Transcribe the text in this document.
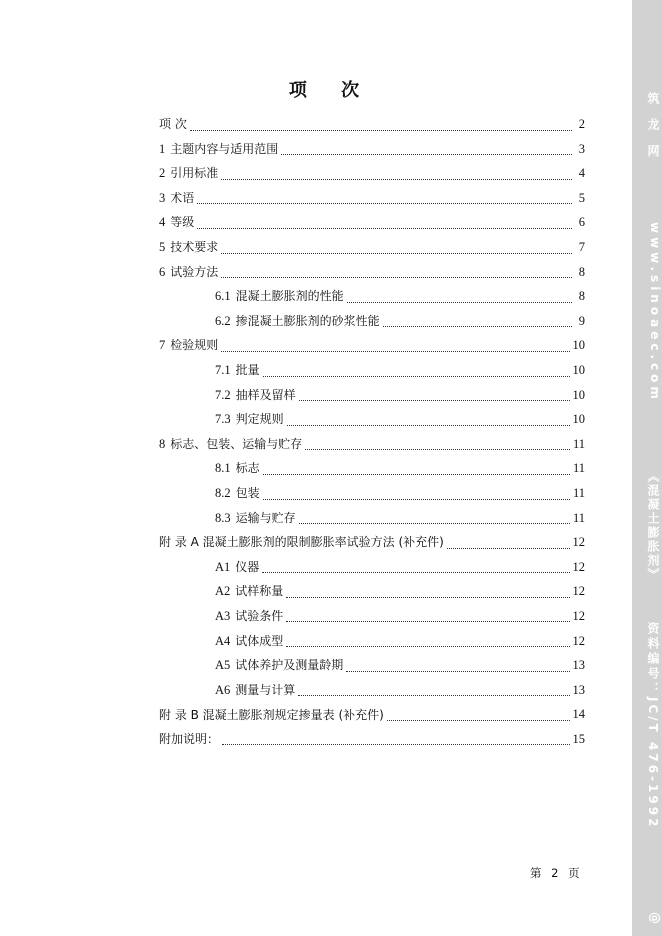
项 次
项 次	2
1 主题内容与适用范围	3
2 引用标准	4
3 术语	5
4 等级	6
5 技术要求	7
6 试验方法	8
6.1 混凝土膨胀剂的性能	8
6.2 掺混凝土膨胀剂的砂浆性能	9
7 检验规则	10
7.1 批量	10
7.2 抽样及留样	10
7.3 判定规则	10
8 标志、包装、运输与贮存	11
8.1 标志	11
8.2 包装	11
8.3 运输与贮存	11
附 录 A 混凝土膨胀剂的限制膨胀率试验方法 (补充件)	12
A1 仪器	12
A2 试样称量	12
A3 试验条件	12
A4 试体成型	12
A5 试体养护及测量龄期	13
A6 测量与计算	13
附 录 B 混凝土膨胀剂规定掺量表 (补充件)	14
附加说明：	15
第 2 页
筑 龙 网
www.sinoaec.com
《混凝土膨胀剂》
资料编号：JC/T 476-1992
@
